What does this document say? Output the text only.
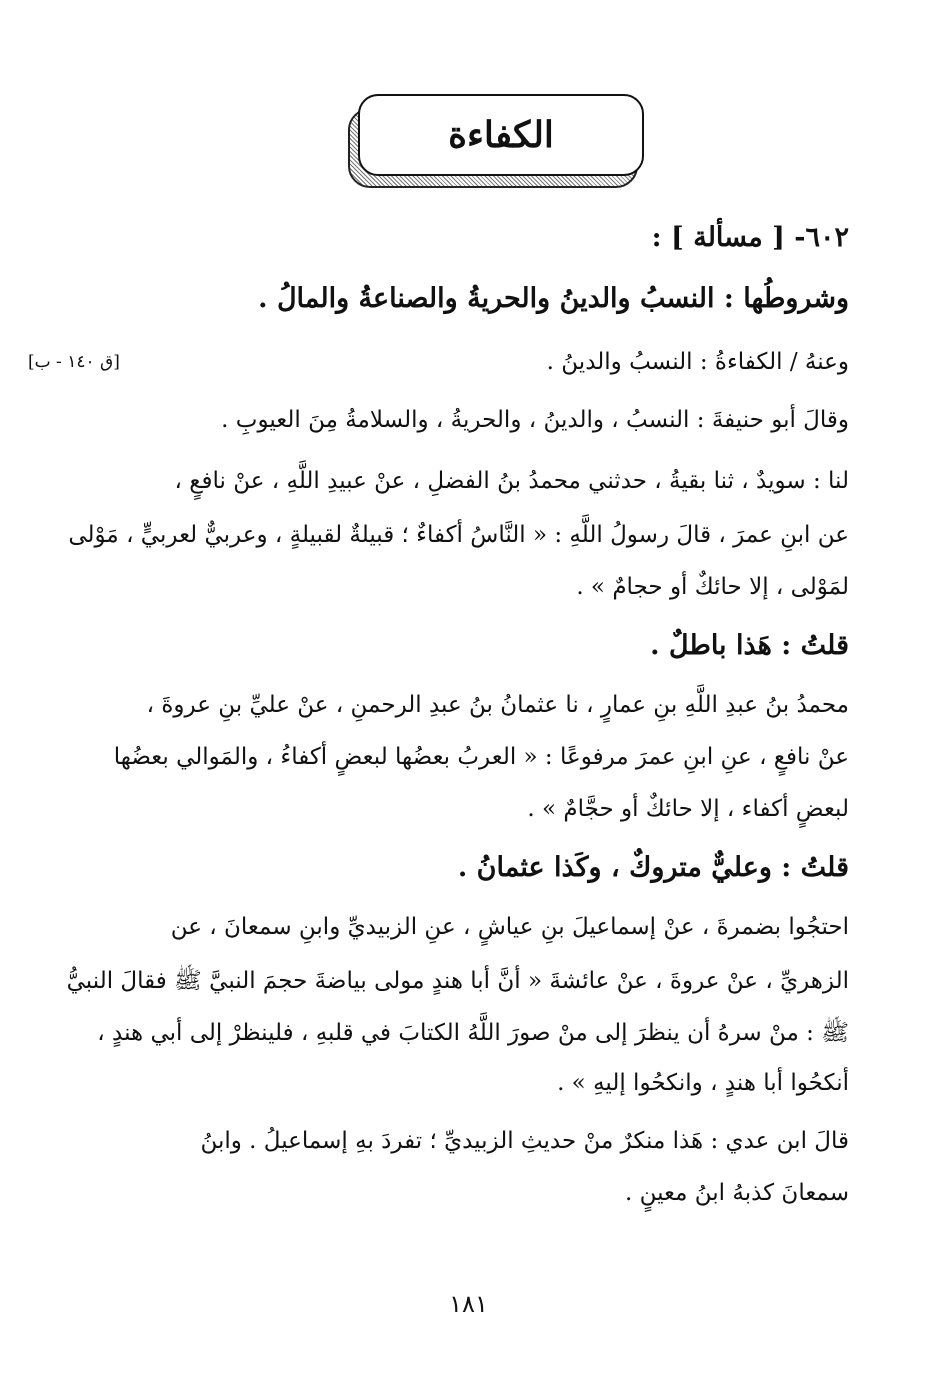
الكفاءة
[ق ١٤٠ - ب]
٦٠٢- [ مسألة ] :
وشروطُها : النسبُ والدينُ والحريةُ والصناعةُ والمالُ .
وعنهُ / الكفاءةُ : النسبُ والدينُ .
وقالَ أبو حنيفةَ : النسبُ ، والدينُ ، والحريةُ ، والسلامةُ مِنَ العيوبِ .
لنا : سويدٌ ، ثنا بقيةُ ، حدثني محمدُ بنُ الفضلِ ، عنْ عبيدِ اللَّهِ ، عنْ نافعٍ ،
عن ابنِ عمرَ ، قالَ رسولُ اللَّهِ : « النَّاسُ أكفاءٌ ؛ قبيلةٌ لقبيلةٍ ، وعربيٌّ لعربيٍّ ، مَوْلى
لمَوْلى ، إلا حائكٌ أو حجامٌ » .
قلتُ : هَذا باطلٌ .
محمدُ بنُ عبدِ اللَّهِ بنِ عمارٍ ، نا عثمانُ بنُ عبدِ الرحمنِ ، عنْ عليِّ بنِ عروةَ ،
عنْ نافعٍ ، عنِ ابنِ عمرَ مرفوعًا : « العربُ بعضُها لبعضٍ أكفاءُ ، والمَوالي بعضُها
لبعضٍ أكفاء ، إلا حائكٌ أو حجَّامٌ » .
قلتُ : وعليٌّ متروكٌ ، وكَذا عثمانُ .
احتجُوا بضمرةَ ، عنْ إسماعيلَ بنِ عياشٍ ، عنِ الزبيديِّ وابنِ سمعانَ ، عن
الزهريِّ ، عنْ عروةَ ، عنْ عائشةَ « أنَّ أبا هندٍ مولى بياضةَ حجمَ النبيَّ ﷺ فقالَ النبيُّ
ﷺ : منْ سرهُ أن ينظرَ إلى منْ صورَ اللَّهُ الكتابَ في قلبهِ ، فلينظرْ إلى أبي هندٍ ،
أنكحُوا أبا هندٍ ، وانكحُوا إليهِ » .
قالَ ابن عدي : هَذا منكرٌ منْ حديثِ الزبيديِّ ؛ تفردَ بهِ إسماعيلُ . وابنُ
سمعانَ كذبهُ ابنُ معينٍ .
١٨١
